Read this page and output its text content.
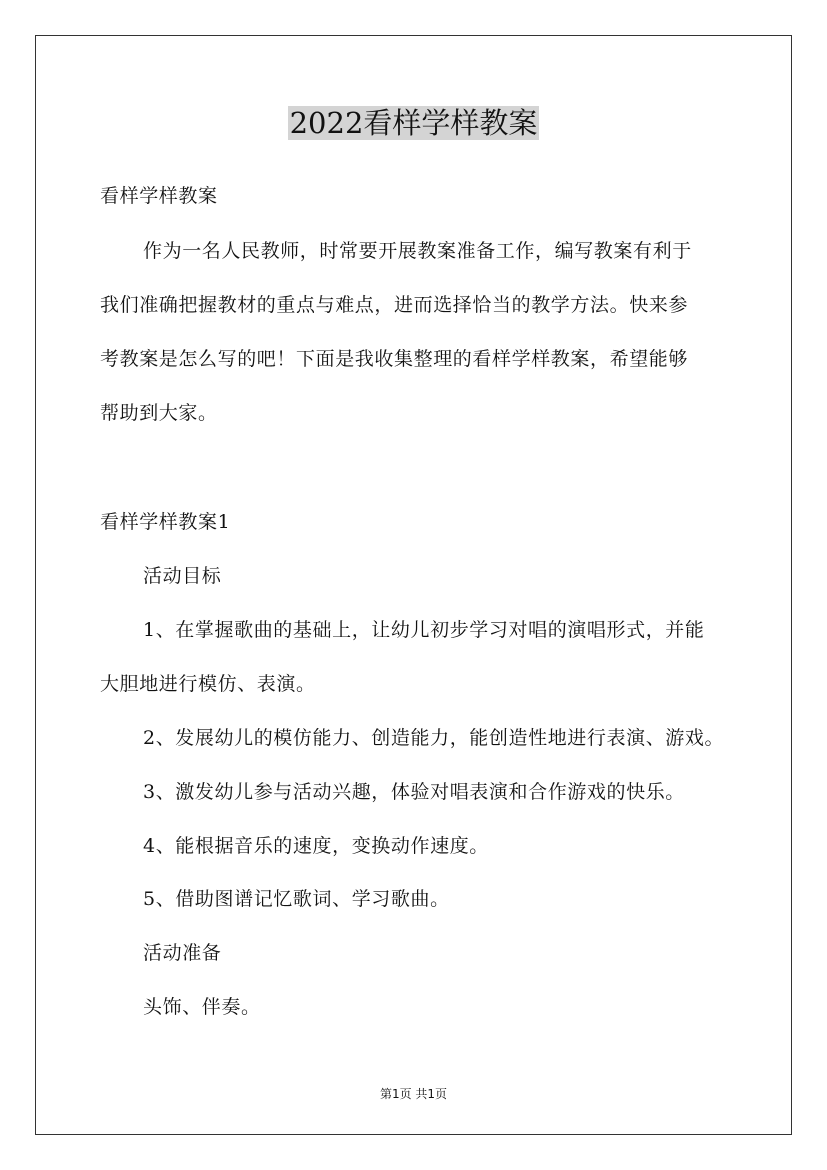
2022看样学样教案
看样学样教案
作为一名人民教师，时常要开展教案准备工作，编写教案有利于
我们准确把握教材的重点与难点，进而选择恰当的教学方法。快来参
考教案是怎么写的吧！下面是我收集整理的看样学样教案，希望能够
帮助到大家。
看样学样教案1
活动目标
1、在掌握歌曲的基础上，让幼儿初步学习对唱的演唱形式，并能
大胆地进行模仿、表演。
2、发展幼儿的模仿能力、创造能力，能创造性地进行表演、游戏。
3、激发幼儿参与活动兴趣，体验对唱表演和合作游戏的快乐。
4、能根据音乐的速度，变换动作速度。
5、借助图谱记忆歌词、学习歌曲。
活动准备
头饰、伴奏。
第1页 共1页
